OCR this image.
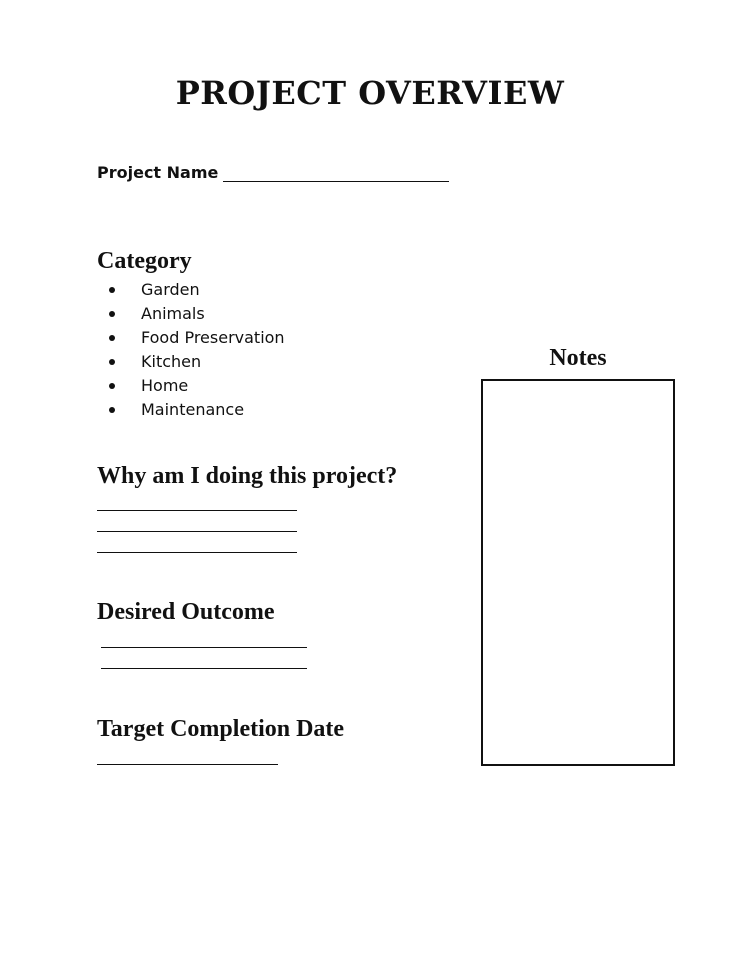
PROJECT OVERVIEW
Project Name
Category
Garden
Animals
Food Preservation
Kitchen
Home
Maintenance
Why am I doing this project?
Desired Outcome
Target Completion Date
Notes
